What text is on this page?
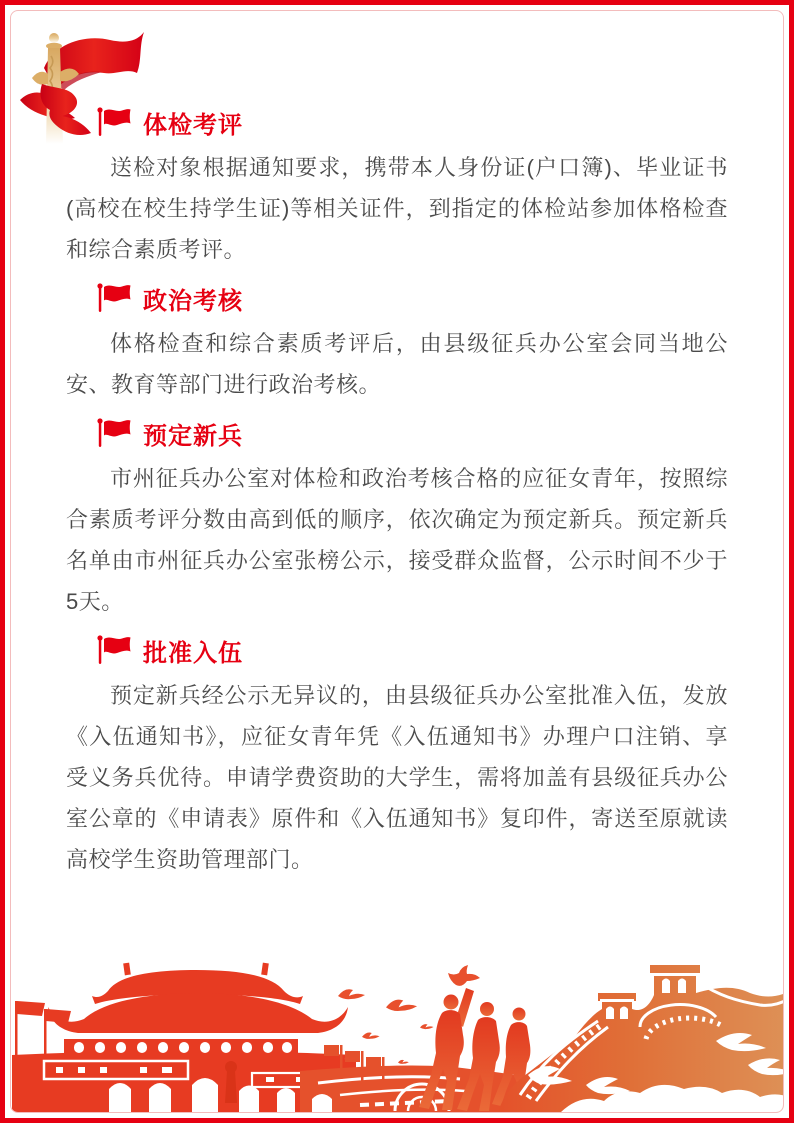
体检考评

送检对象根据通知要求，携带本人身份证(户口簿)、毕业证书(高校在校生持学生证)等相关证件，到指定的体检站参加体格检查和综合素质考评。

政治考核

体格检查和综合素质考评后，由县级征兵办公室会同当地公安、教育等部门进行政治考核。

预定新兵

市州征兵办公室对体检和政治考核合格的应征女青年，按照综合素质考评分数由高到低的顺序，依次确定为预定新兵。预定新兵名单由市州征兵办公室张榜公示，接受群众监督，公示时间不少于5天。

批准入伍

预定新兵经公示无异议的，由县级征兵办公室批准入伍，发放《入伍通知书》，应征女青年凭《入伍通知书》办理户口注销、享受义务兵优待。申请学费资助的大学生，需将加盖有县级征兵办公室公章的《申请表》原件和《入伍通知书》复印件，寄送至原就读高校学生资助管理部门。
